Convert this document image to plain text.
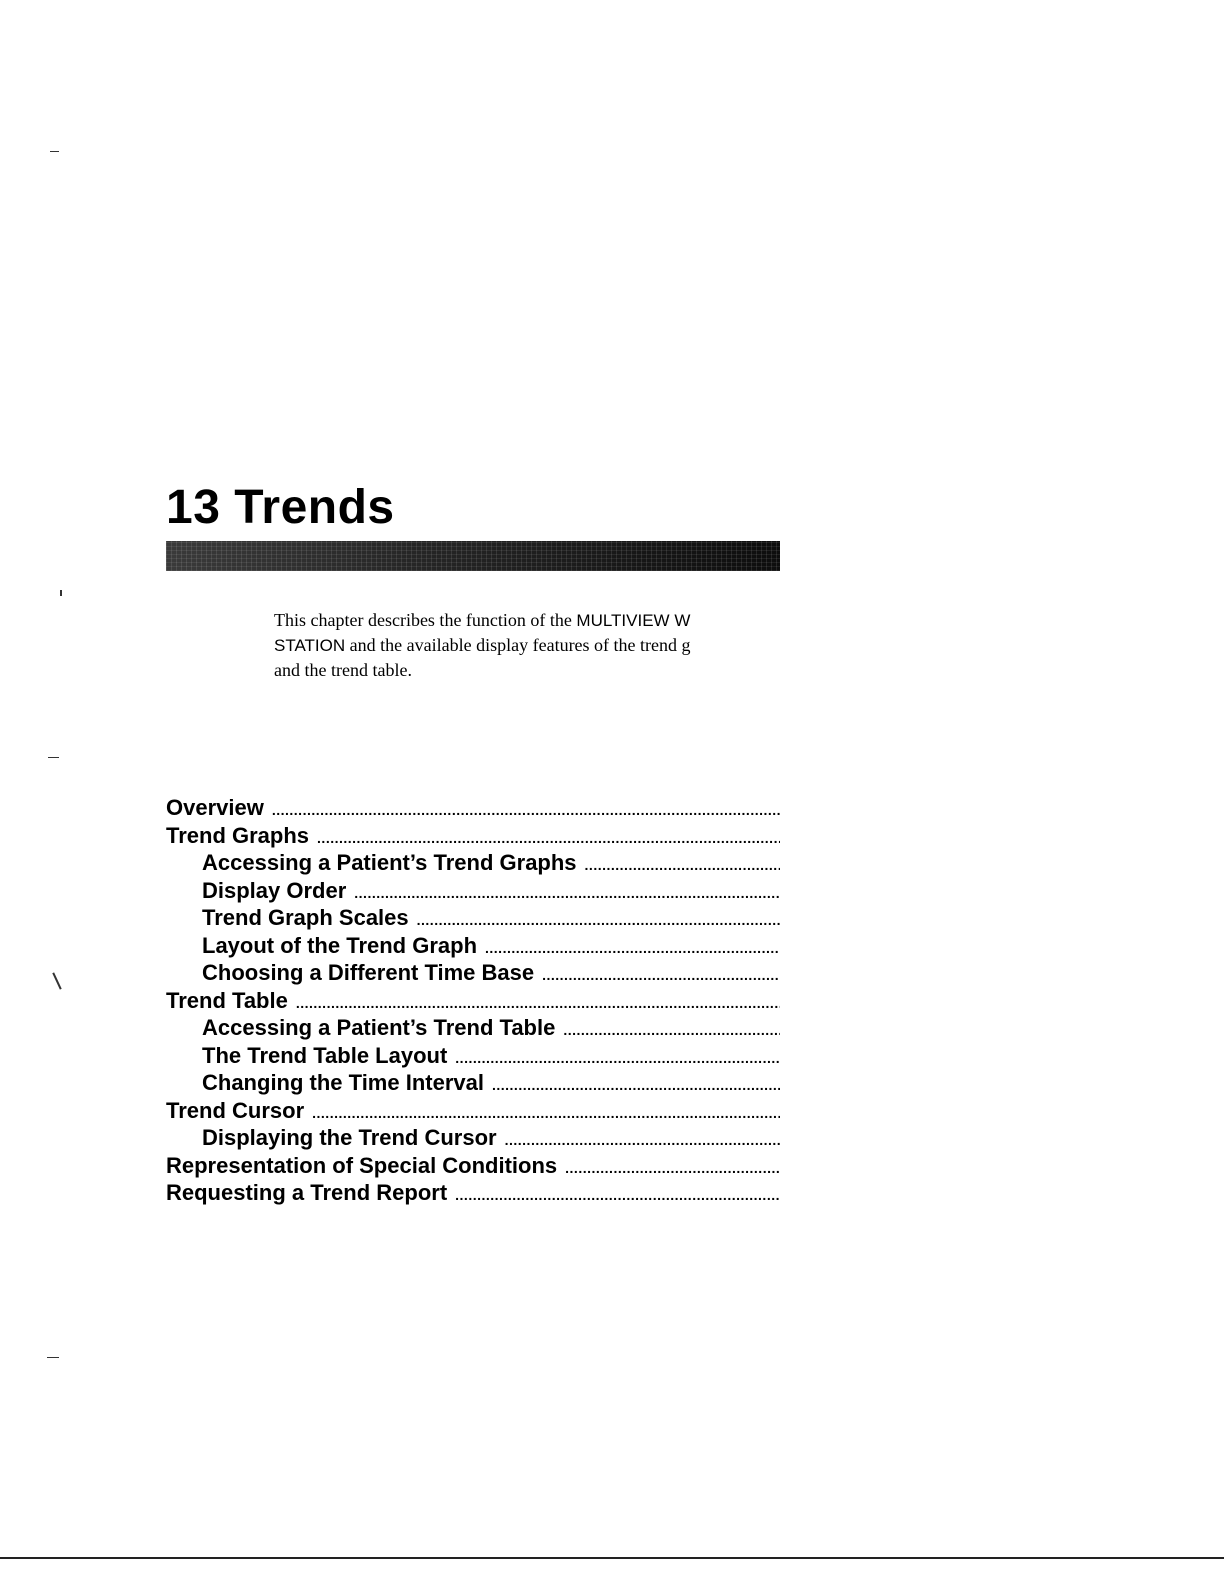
13 Trends
This chapter describes the function of the MULTIVIEW W
STATION and the available display features of the trend g
and the trend table.
Overview
.....
Trend Graphs
.....
Accessing a Patient’s Trend Graphs
.....
Display Order
.....
Trend Graph Scales
.....
Layout of the Trend Graph
.....
Choosing a Different Time Base
.....
Trend Table
.....
Accessing a Patient’s Trend Table
.....
The Trend Table Layout
.....
Changing the Time Interval
.....
Trend Cursor
.....
Displaying the Trend Cursor
.....
Representation of Special Conditions
.....
Requesting a Trend Report
.....
